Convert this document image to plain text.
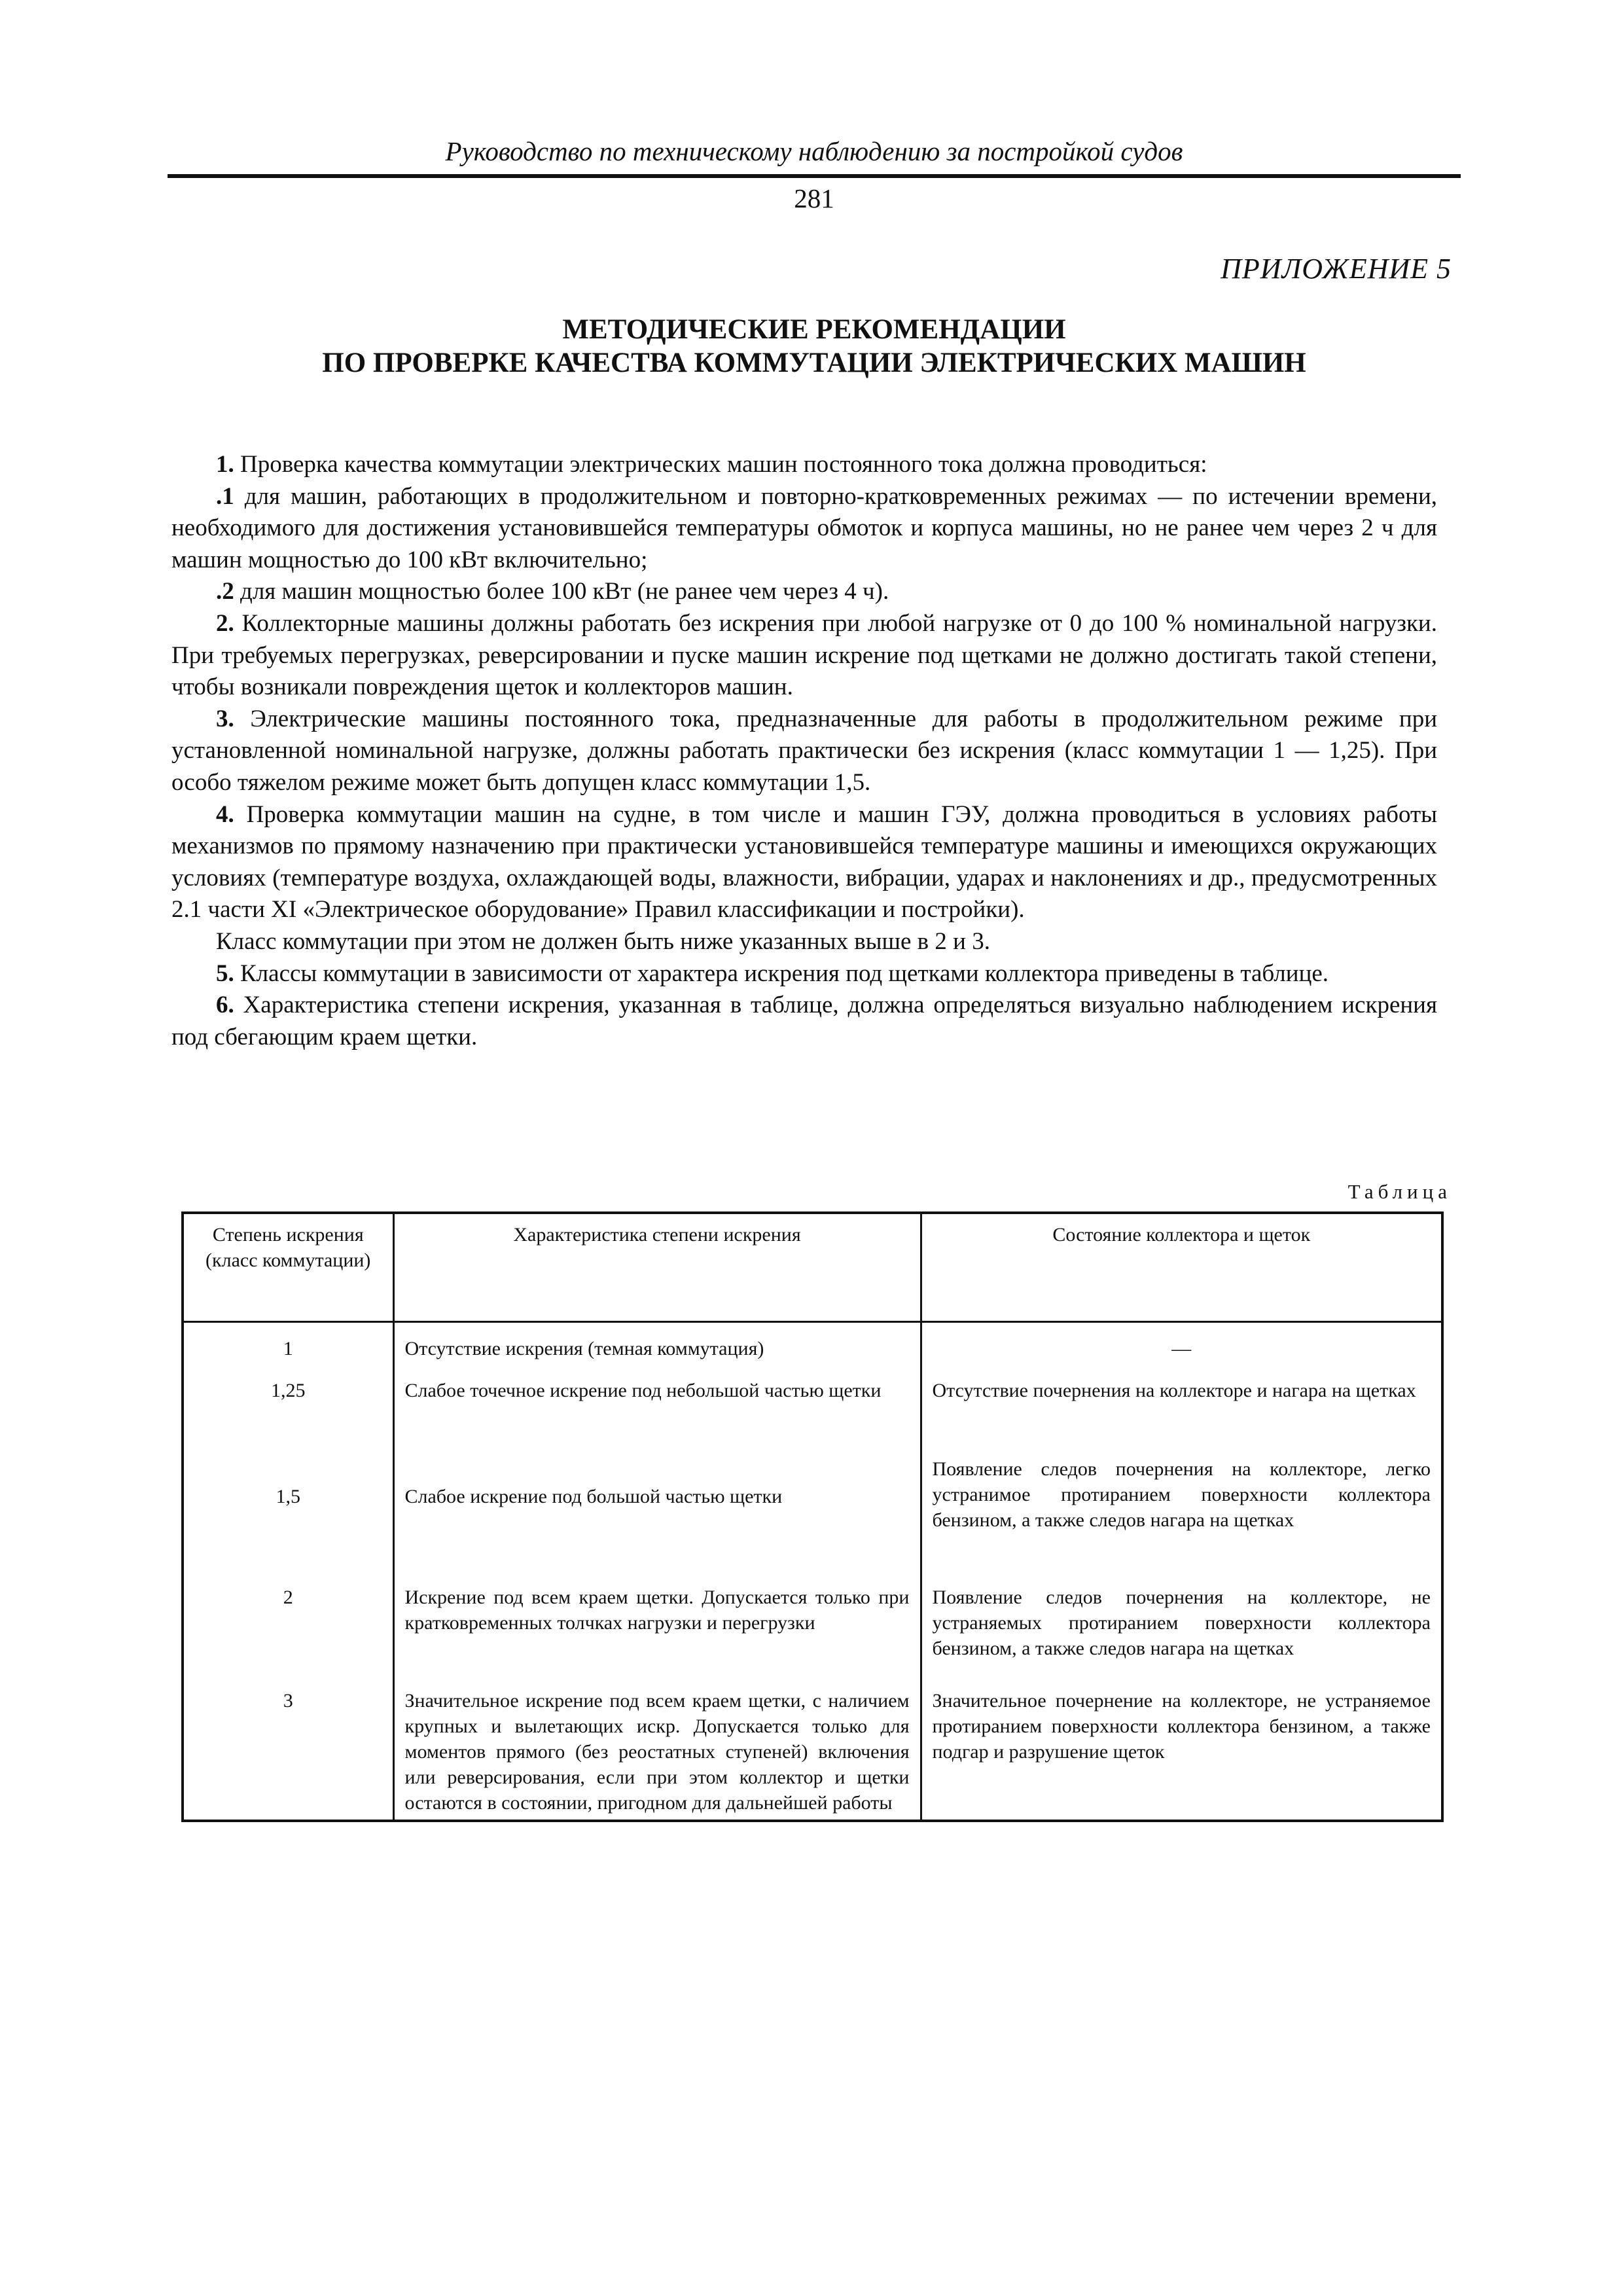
Руководство по техническому наблюдению за постройкой судов
281
ПРИЛОЖЕНИЕ 5
МЕТОДИЧЕСКИЕ РЕКОМЕНДАЦИИ
ПО ПРОВЕРКЕ КАЧЕСТВА КОММУТАЦИИ ЭЛЕКТРИЧЕСКИХ МАШИН

1. Проверка качества коммутации электрических машин постоянного тока должна проводиться:

.1 для машин, работающих в продолжительном и повторно-кратковременных режимах — по истечении времени, необходимого для достижения установившейся температуры обмоток и корпуса машины, но не ранее чем через 2 ч для машин мощностью до 100 кВт включительно;

.2 для машин мощностью более 100 кВт (не ранее чем через 4 ч).

2. Коллекторные машины должны работать без искрения при любой нагрузке от 0 до 100 % номинальной нагрузки. При требуемых перегрузках, реверсировании и пуске машин искрение под щетками не должно достигать такой степени, чтобы возникали повреждения щеток и коллекторов машин.

3. Электрические машины постоянного тока, предназначенные для работы в продолжительном режиме при установленной номинальной нагрузке, должны работать практически без искрения (класс коммутации 1 — 1,25). При особо тяжелом режиме может быть допущен класс коммутации 1,5.

4. Проверка коммутации машин на судне, в том числе и машин ГЭУ, должна проводиться в условиях работы механизмов по прямому назначению при практически установившейся температуре машины и имеющихся окружающих условиях (температуре воздуха, охлаждающей воды, влажности, вибрации, ударах и наклонениях и др., предусмотренных 2.1 части XI «Электрическое оборудование» Правил классификации и постройки).

Класс коммутации при этом не должен быть ниже указанных выше в 2 и 3.

5. Классы коммутации в зависимости от характера искрения под щетками коллектора приведены в таблице.

6. Характеристика степени искрения, указанная в таблице, должна определяться визуально наблюдением искрения под сбегающим краем щетки.

Таблица
Степень искрения (класс коммутации)	Характеристика степени искрения	Состояние коллектора и щеток
1	Отсутствие искрения (темная коммутация)	—
1,25	Слабое точечное искрение под небольшой частью щетки	Отсутствие почернения на коллекторе и нагара на щетках
1,5	Слабое искрение под большой частью щетки	Появление следов почернения на коллекторе, легко устранимое протиранием поверхности коллектора бензином, а также следов нагара на щетках
2	Искрение под всем краем щетки. Допускается только при кратковременных толчках нагрузки и перегрузки	Появление следов почернения на коллекторе, не устраняемых протиранием поверхности коллектора бензином, а также следов нагара на щетках
3	Значительное искрение под всем краем щетки, с наличием крупных и вылетающих искр. Допускается только для моментов прямого (без реостатных ступеней) включения или реверсирования, если при этом коллектор и щетки остаются в состоянии, пригодном для дальнейшей работы	Значительное почернение на коллекторе, не устраняемое протиранием поверхности коллектора бензином, а также подгар и разрушение щеток
